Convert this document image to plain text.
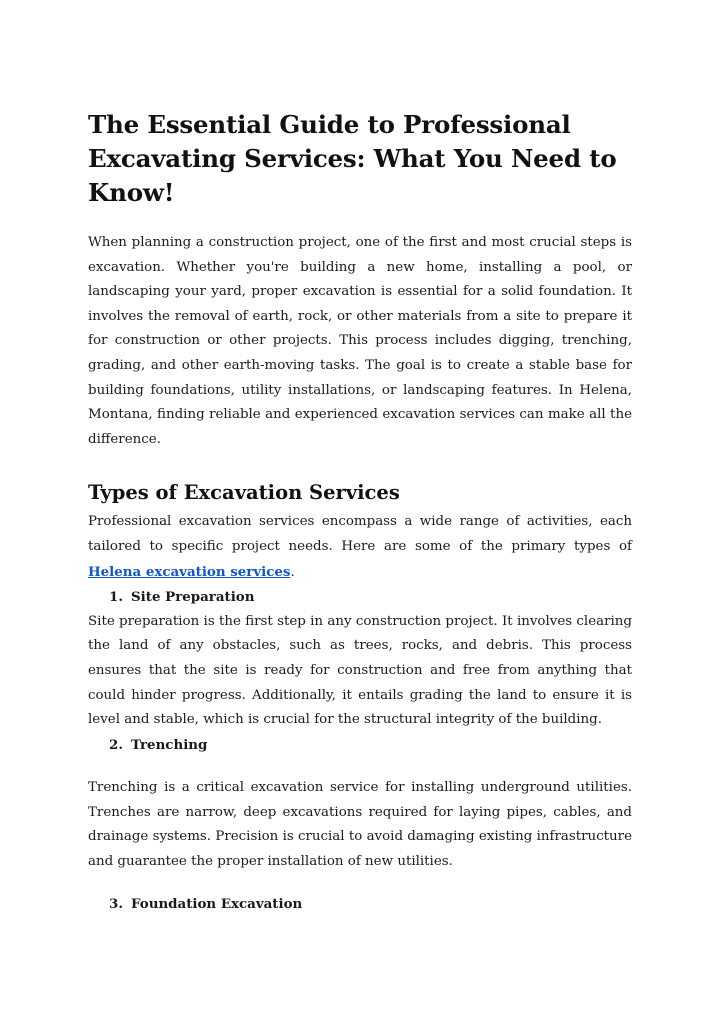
The Essential Guide to Professional Excavating Services: What You Need to Know!

When planning a construction project, one of the first and most crucial steps is excavation. Whether you're building a new home, installing a pool, or landscaping your yard, proper excavation is essential for a solid foundation. It involves the removal of earth, rock, or other materials from a site to prepare it for construction or other projects. This process includes digging, trenching, grading, and other earth-moving tasks. The goal is to create a stable base for building foundations, utility installations, or landscaping features. In Helena, Montana, finding reliable and experienced excavation services can make all the difference.

Types of Excavation Services

Professional excavation services encompass a wide range of activities, each tailored to specific project needs. Here are some of the primary types of Helena excavation services.

1. Site Preparation

Site preparation is the first step in any construction project. It involves clearing the land of any obstacles, such as trees, rocks, and debris. This process ensures that the site is ready for construction and free from anything that could hinder progress. Additionally, it entails grading the land to ensure it is level and stable, which is crucial for the structural integrity of the building.

2. Trenching

Trenching is a critical excavation service for installing underground utilities. Trenches are narrow, deep excavations required for laying pipes, cables, and drainage systems. Precision is crucial to avoid damaging existing infrastructure and guarantee the proper installation of new utilities.

3. Foundation Excavation
